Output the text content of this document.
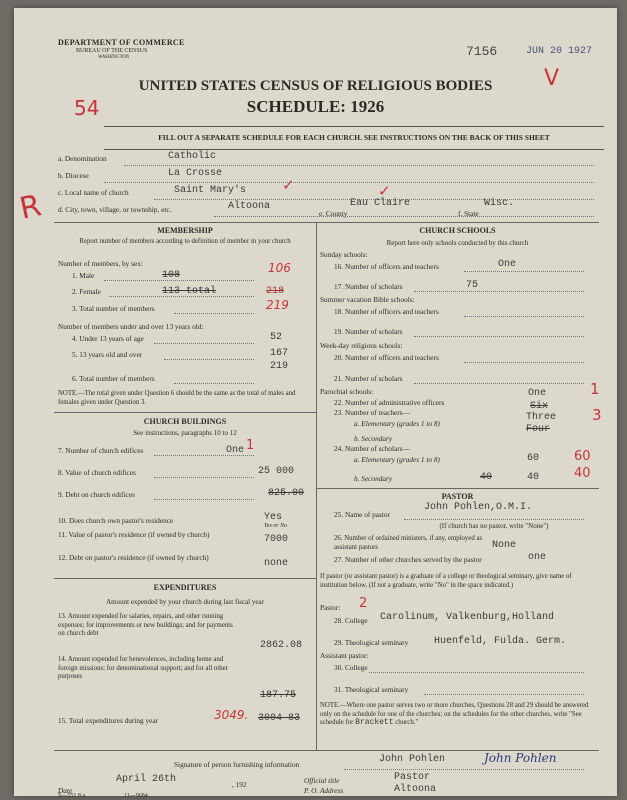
DEPARTMENT OF COMMERCE
BUREAU OF THE CENSUS
WASHINGTON	7156	JUN 20 1927
V
UNITED STATES CENSUS OF RELIGIOUS BODIES
SCHEDULE: 1926
54
FILL OUT A SEPARATE SCHEDULE FOR EACH CHURCH. SEE INSTRUCTIONS ON THE BACK OF THIS SHEET
R
a. Denomination	Catholic
b. Diocese	La Crosse
c. Local name of church	Saint Mary's ✓	✓
d. City, town, village, or township, etc.	Altoona
e. County
Eau Claire
f. State
Wisc.
MEMBERSHIP
Report number of members according to definition of member in your church
Number of members, by sex:
1. Male	108
106
2. Female	113 total	218
3. Total number of members	219
Number of members under and over 13 years old:
4. Under 13 years of age	52
5. 13 years old and over	167
219
6. Total number of members
NOTE.—The total given under Question 6 should be the same as the total of males and females given under Question 3.
CHURCH BUILDINGS
See instructions, paragraphs 10 to 12
7. Number of church edifices	One 1
8. Value of church edifices	25 000
9. Debt on church edifices	825.00
10. Does church own pastor's residence	Yes
Yes or No
11. Value of pastor's residence (if owned by church)	7000
12. Debt on pastor's residence (if owned by church)
none
EXPENDITURES
Amount expended by your church during last fiscal year
13. Amount expended for salaries, repairs, and other running expenses; for improvements or new buildings; and for payments on church debt
2862.08
14. Amount expended for benevolences, including home and foreign missions; for denominational support; and for all other purposes
187.75
15. Total expenditures during year	3049. 3004 83
CHURCH SCHOOLS
Report here only schools conducted by this church
Sunday schools:
16. Number of officers and teachers	One
17. Number of scholars	75
Summer vacation Bible schools:
18. Number of officers and teachers
19. Number of scholars
Week-day religious schools:
20. Number of officers and teachers
21. Number of scholars
Parochial schools:
22. Number of administrative officers
One	1
23. Number of teachers—
Six
a. Elementary (grades 1 to 8)
Three 3
b. Secondary
Four
24. Number of scholars—
a. Elementary (grades 1 to 8)	60	60
b. Secondary	40	40	40
PASTOR
John Pohlen,O.M.I.
25. Name of pastor
(If church has no pastor, write "None")
26. Number of ordained ministers, if any, employed as assistant pastors	None
27. Number of other churches served by the pastor	one
If pastor (or assistant pastor) is a graduate of a college or theological seminary, give name of institution below. (If not a graduate, write "No" in the space indicated.)
Pastor: 2
28. College Carolinum, Valkenburg,Holland
29. Theological seminary	Huenfeld, Fulda. Germ.
Assistant pastor:
30. College
31. Theological seminary
NOTE.—Where one pastor serves two or more churches, Questions 28 and 29 should be answered only on the schedule for one of the churches; on the schedules for the other churches, write "See schedule for Brackett church."
Signature of person furnishing information	John Pohlen	John Pohlen
Official title	Pastor
Date
April 26th	, 192
P. O. Address	Altoona
S—551 8 a	11—9684
